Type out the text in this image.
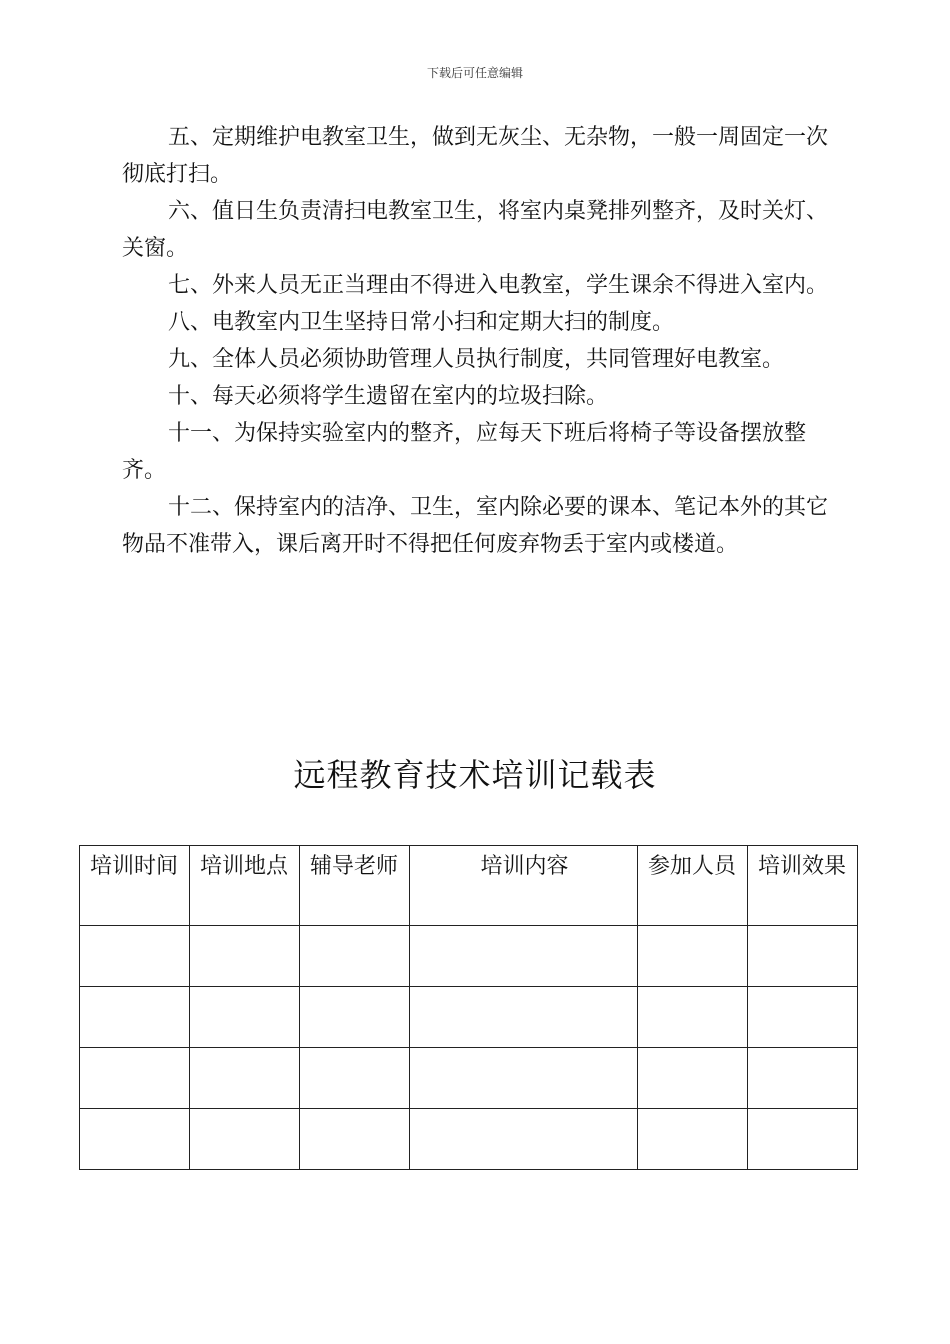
下载后可任意编辑

五、定期维护电教室卫生，做到无灰尘、无杂物，一般一周固定一次彻底打扫。

六、值日生负责清扫电教室卫生，将室内桌凳排列整齐，及时关灯、关窗。

七、外来人员无正当理由不得进入电教室，学生课余不得进入室内。

八、电教室内卫生坚持日常小扫和定期大扫的制度。

九、全体人员必须协助管理人员执行制度，共同管理好电教室。

十、每天必须将学生遗留在室内的垃圾扫除。

十一、为保持实验室内的整齐，应每天下班后将椅子等设备摆放整齐。

十二、保持室内的洁净、卫生，室内除必要的课本、笔记本外的其它物品不准带入，课后离开时不得把任何废弃物丢于室内或楼道。

远程教育技术培训记载表
培训时间	培训地点	辅导老师	培训内容	参加人员	培训效果
